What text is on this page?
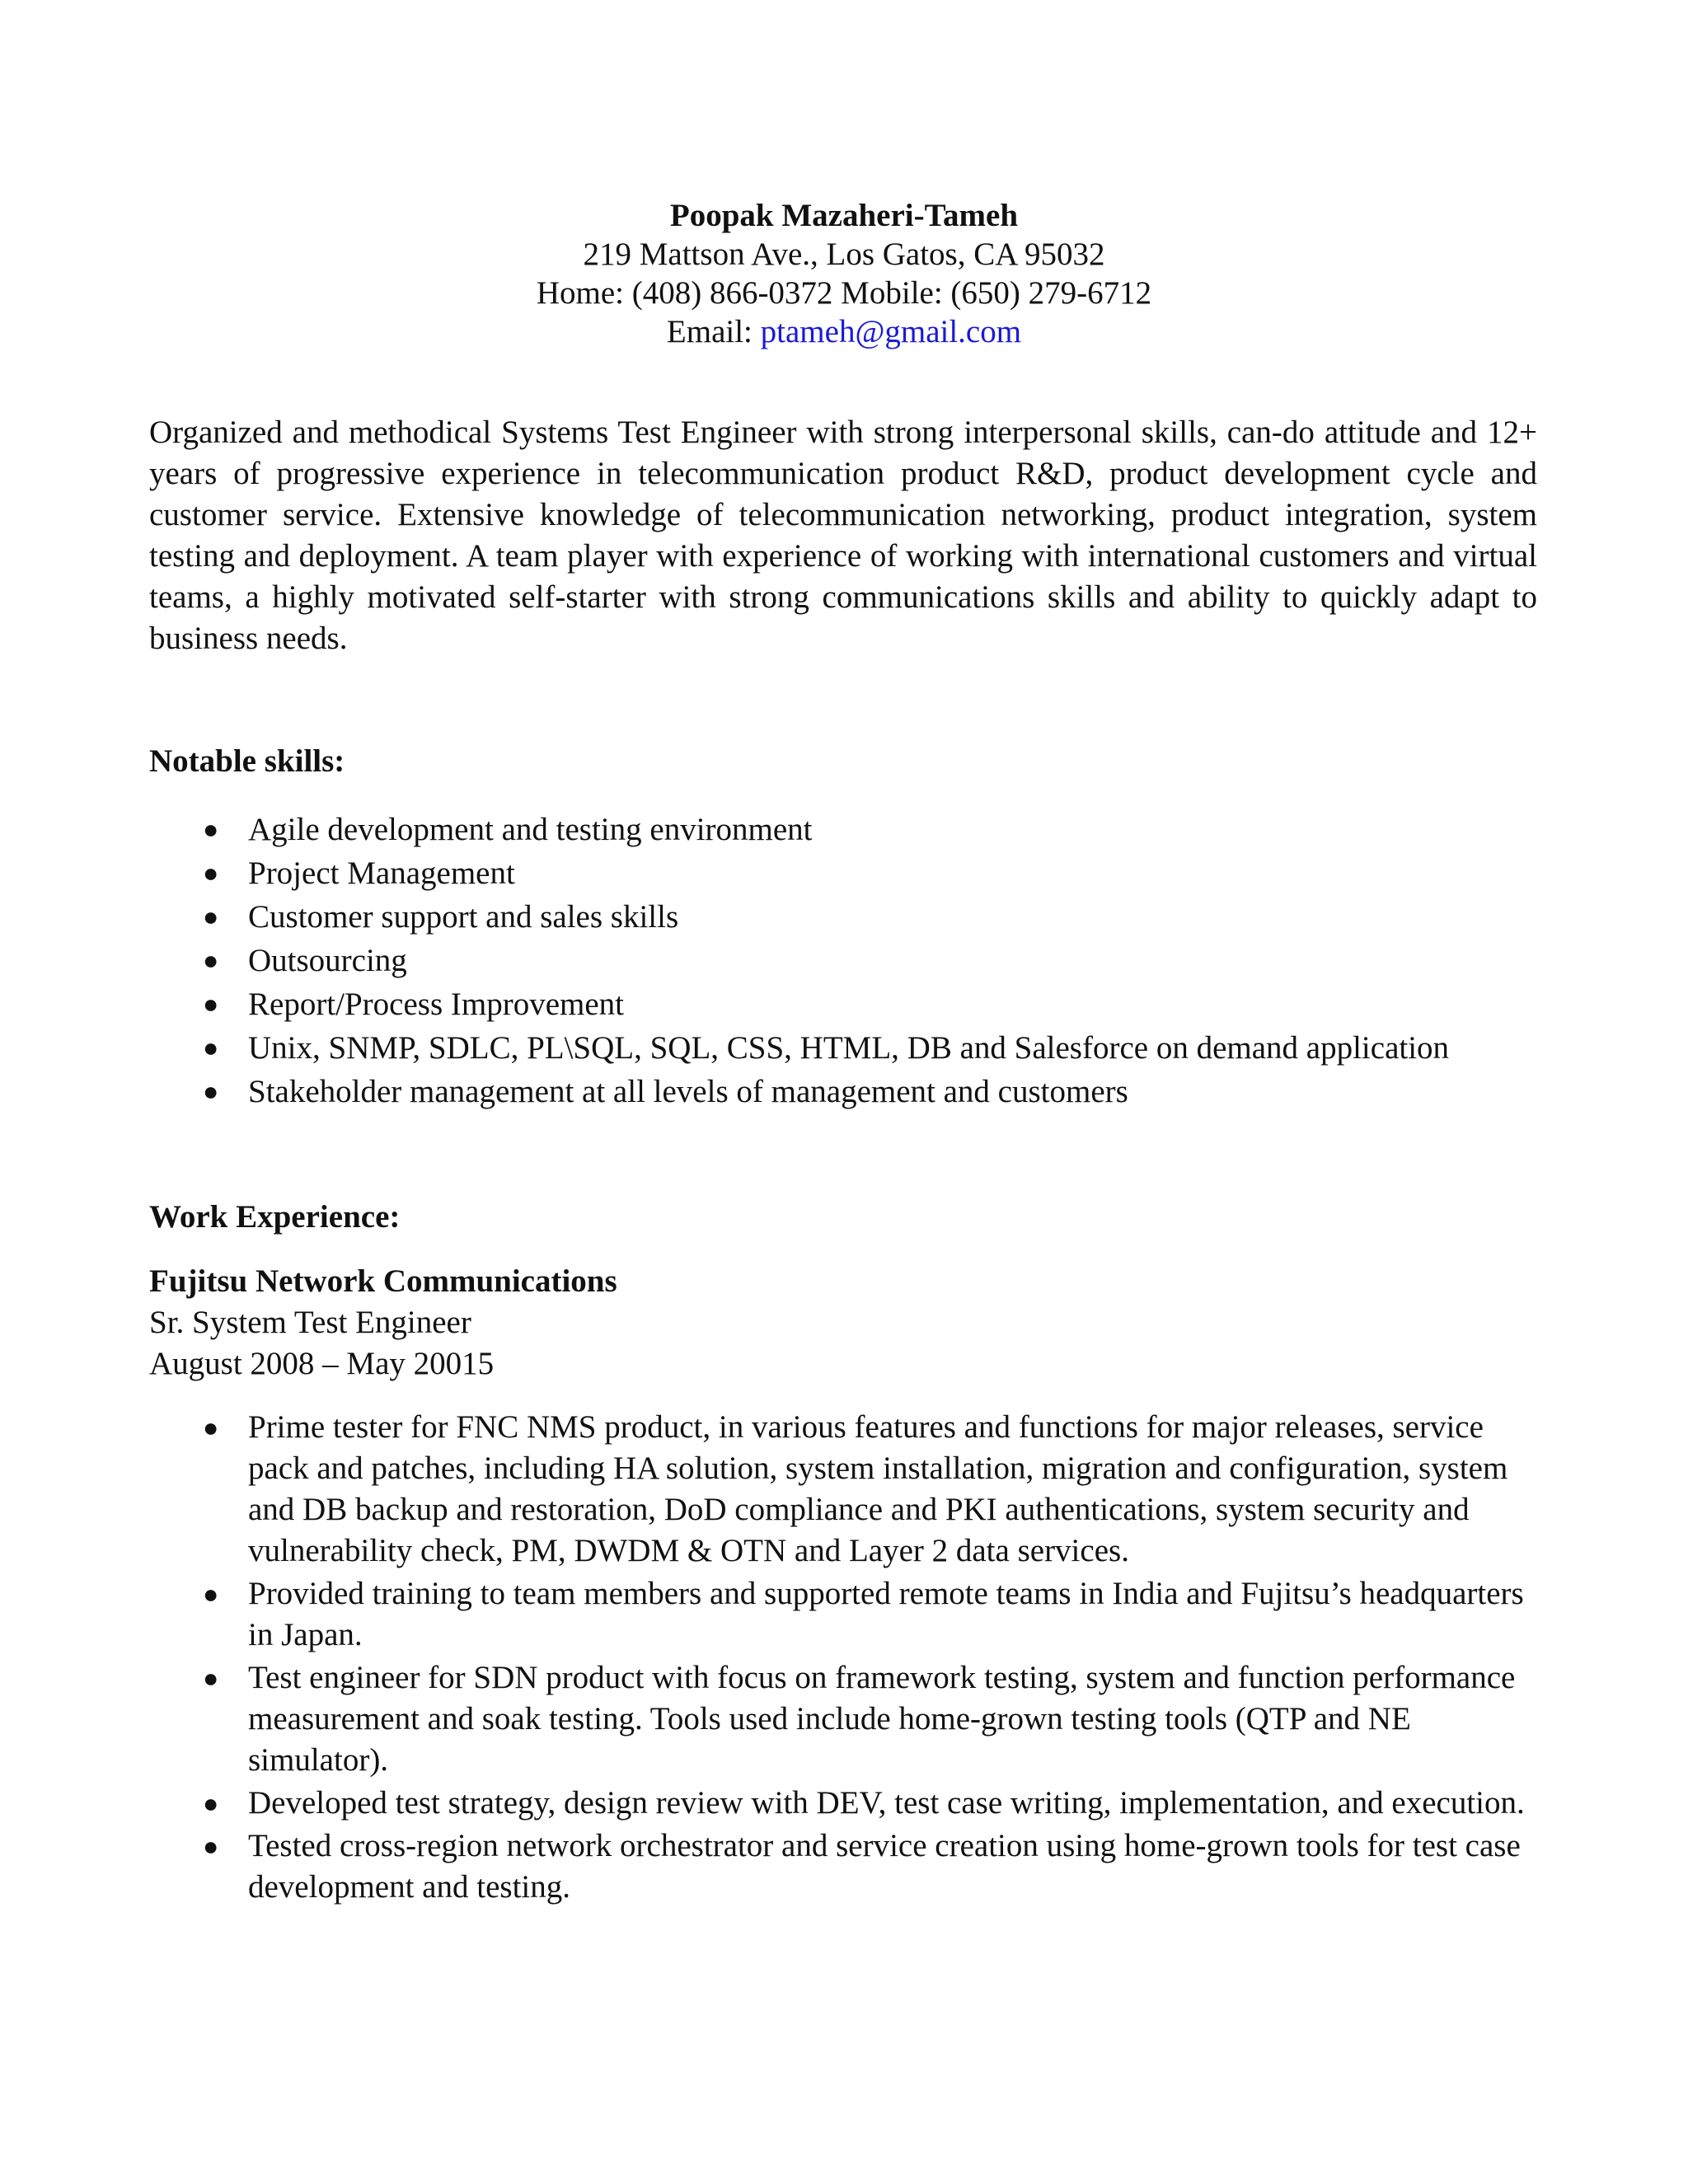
Poopak Mazaheri-Tameh
219 Mattson Ave., Los Gatos, CA 95032
Home: (408) 866-0372 Mobile: (650) 279-6712
Email: ptameh@gmail.com

Organized and methodical Systems Test Engineer with strong interpersonal skills, can-do attitude and 12+ years of progressive experience in telecommunication product R&D, product development cycle and customer service. Extensive knowledge of telecommunication networking, product integration, system testing and deployment. A team player with experience of working with international customers and virtual teams, a highly motivated self-starter with strong communications skills and ability to quickly adapt to business needs.

Notable skills:
● Agile development and testing environment
● Project Management
● Customer support and sales skills
● Outsourcing
● Report/Process Improvement
● Unix, SNMP, SDLC, PL\SQL, SQL, CSS, HTML, DB and Salesforce on demand application
● Stakeholder management at all levels of management and customers
Work Experience:
Fujitsu Network Communications
Sr. System Test Engineer
August 2008 – May 20015
● Prime tester for FNC NMS product, in various features and functions for major releases, service pack and patches, including HA solution, system installation, migration and configuration, system and DB backup and restoration, DoD compliance and PKI authentications, system security and vulnerability check, PM, DWDM & OTN and Layer 2 data services.
● Provided training to team members and supported remote teams in India and Fujitsu’s headquarters in Japan.
● Test engineer for SDN product with focus on framework testing, system and function performance measurement and soak testing. Tools used include home-grown testing tools (QTP and NE simulator).
● Developed test strategy, design review with DEV, test case writing, implementation, and execution.
● Tested cross-region network orchestrator and service creation using home-grown tools for test case development and testing.
